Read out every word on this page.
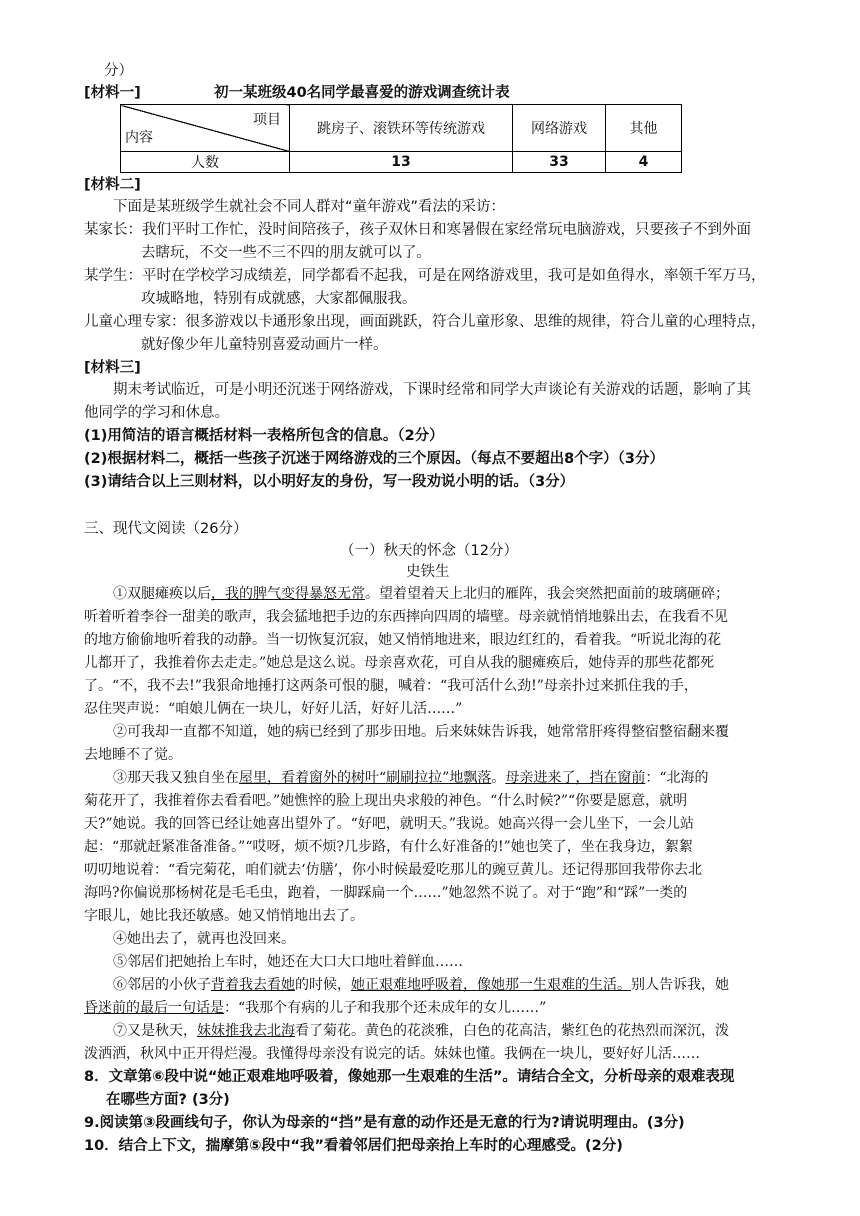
分）
[材料一]	初一某班级40名同学最喜爱的游戏调查统计表
项目
内容	跳房子、滚铁环等传统游戏	网络游戏	其他
人数	13	33	4
[材料二]
下面是某班级学生就社会不同人群对“童年游戏”看法的采访：
某家长：我们平时工作忙，没时间陪孩子，孩子双休日和寒暑假在家经常玩电脑游戏，只要孩子不到外面
去瞎玩，不交一些不三不四的朋友就可以了。
某学生：平时在学校学习成绩差，同学都看不起我，可是在网络游戏里，我可是如鱼得水，率领千军万马，
攻城略地，特别有成就感，大家都佩服我。
儿童心理专家：很多游戏以卡通形象出现，画面跳跃，符合儿童形象、思维的规律，符合儿童的心理特点，
就好像少年儿童特别喜爱动画片一样。
[材料三]
期末考试临近，可是小明还沉迷于网络游戏，下课时经常和同学大声谈论有关游戏的话题，影响了其
他同学的学习和休息。
(1)用简洁的语言概括材料一表格所包含的信息。（2分）
(2)根据材料二，概括一些孩子沉迷于网络游戏的三个原因。（每点不要超出8个字）（3分）
(3)请结合以上三则材料，以小明好友的身份，写一段劝说小明的话。（3分）
三、现代文阅读（26分）
（一）秋天的怀念（12分）
史铁生
①双腿瘫痪以后，我的脾气变得暴怒无常。望着望着天上北归的雁阵，我会突然把面前的玻璃砸碎；
听着听着李谷一甜美的歌声，我会猛地把手边的东西摔向四周的墙壁。母亲就悄悄地躲出去，在我看不见
的地方偷偷地听着我的动静。当一切恢复沉寂，她又悄悄地进来，眼边红红的，看着我。“听说北海的花
儿都开了，我推着你去走走。”她总是这么说。母亲喜欢花，可自从我的腿瘫痪后，她侍弄的那些花都死
了。“不，我不去!”我狠命地捶打这两条可恨的腿，喊着：“我可活什么劲!”母亲扑过来抓住我的手，
忍住哭声说：“咱娘儿俩在一块儿，好好儿活，好好儿活……”
②可我却一直都不知道，她的病已经到了那步田地。后来妹妹告诉我，她常常肝疼得整宿整宿翻来覆
去地睡不了觉。
③那天我又独自坐在屋里，看着窗外的树叶“刷刷拉拉”地飘落。母亲进来了，挡在窗前：“北海的
菊花开了，我推着你去看看吧。”她憔悴的脸上现出央求般的神色。“什么时候?”“你要是愿意，就明
天?”她说。我的回答已经让她喜出望外了。“好吧，就明天。”我说。她高兴得一会儿坐下，一会儿站
起：“那就赶紧准备准备。”“哎呀，烦不烦?几步路，有什么好准备的!”她也笑了，坐在我身边，絮絮
叨叨地说着：“看完菊花，咱们就去‘仿膳’，你小时候最爱吃那儿的豌豆黄儿。还记得那回我带你去北
海吗?你偏说那杨树花是毛毛虫，跑着，一脚踩扁一个……”她忽然不说了。对于“跑”和“踩”一类的
字眼儿，她比我还敏感。她又悄悄地出去了。
④她出去了，就再也没回来。
⑤邻居们把她抬上车时，她还在大口大口地吐着鲜血……
⑥邻居的小伙子背着我去看她的时候，她正艰难地呼吸着，像她那一生艰难的生活。别人告诉我，她
昏迷前的最后一句话是：“我那个有病的儿子和我那个还未成年的女儿……”
⑦又是秋天，妹妹推我去北海看了菊花。黄色的花淡雅，白色的花高洁，紫红色的花热烈而深沉，泼
泼洒洒，秋风中正开得烂漫。我懂得母亲没有说完的话。妹妹也懂。我俩在一块儿，要好好儿活……
8．文章第⑥段中说“她正艰难地呼吸着，像她那一生艰难的生活”。请结合全文，分析母亲的艰难表现
在哪些方面? (3分)
9.阅读第③段画线句子，你认为母亲的“挡”是有意的动作还是无意的行为?请说明理由。(3分)
10．结合上下文，揣摩第⑤段中“我”看着邻居们把母亲抬上车时的心理感受。(2分)
